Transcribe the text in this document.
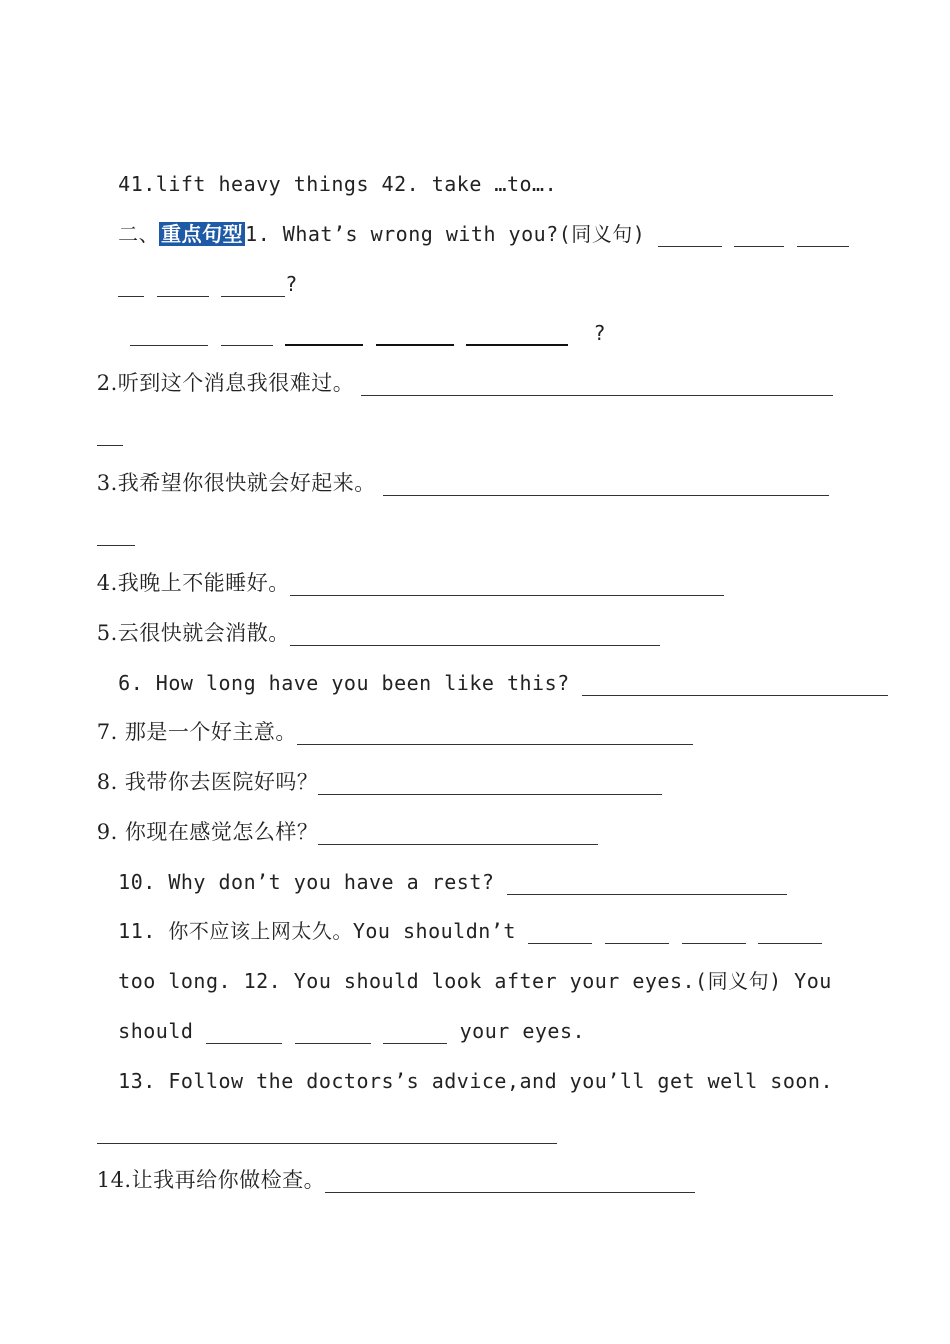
41.lift heavy things 42. take …to….

二、 重点句型 1. What’s wrong with you?(同义句)

?

?

2.听到这个消息我很难过。

3.我希望你很快就会好起来。

4.我晚上不能睡好。

5.云很快就会消散。

6. How long have you been like this?

7. 那是一个好主意。

8. 我带你去医院好吗？

9. 你现在感觉怎么样？

10. Why don’t you have a rest?

11. 你不应该上网太久。You shouldn’t

too long. 12. You should look after your eyes.(同义句) You

should	your eyes.

13. Follow the doctors’s advice,and you’ll get well soon.

14.让我再给你做检查。
